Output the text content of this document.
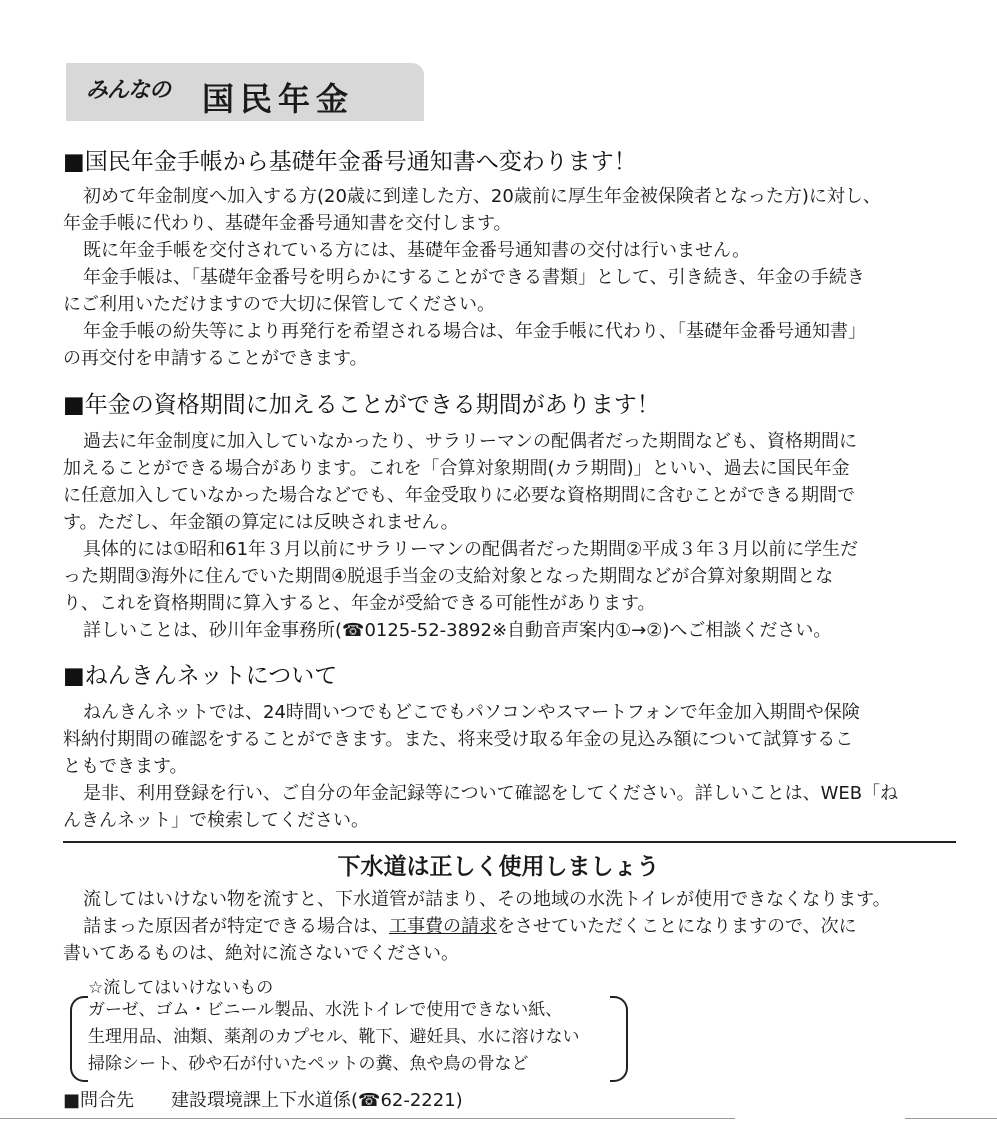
みんなの 国民年金
■国民年金手帳から基礎年金番号通知書へ変わります！
初めて年金制度へ加入する方(20歳に到達した方、20歳前に厚生年金被保険者となった方)に対し、
年金手帳に代わり、基礎年金番号通知書を交付します。
既に年金手帳を交付されている方には、基礎年金番号通知書の交付は行いません。
年金手帳は、「基礎年金番号を明らかにすることができる書類」として、引き続き、年金の手続き
にご利用いただけますので大切に保管してください。
年金手帳の紛失等により再発行を希望される場合は、年金手帳に代わり、「基礎年金番号通知書」
の再交付を申請することができます。
■年金の資格期間に加えることができる期間があります！
過去に年金制度に加入していなかったり、サラリーマンの配偶者だった期間なども、資格期間に
加えることができる場合があります。これを「合算対象期間(カラ期間)」といい、過去に国民年金
に任意加入していなかった場合などでも、年金受取りに必要な資格期間に含むことができる期間で
す。ただし、年金額の算定には反映されません。
具体的には①昭和61年３月以前にサラリーマンの配偶者だった期間②平成３年３月以前に学生だ
った期間③海外に住んでいた期間④脱退手当金の支給対象となった期間などが合算対象期間とな
り、これを資格期間に算入すると、年金が受給できる可能性があります。
詳しいことは、砂川年金事務所(☎0125-52-3892※自動音声案内①→②)へご相談ください。
■ねんきんネットについて
ねんきんネットでは、24時間いつでもどこでもパソコンやスマートフォンで年金加入期間や保険
料納付期間の確認をすることができます。また、将来受け取る年金の見込み額について試算するこ
ともできます。
是非、利用登録を行い、ご自分の年金記録等について確認をしてください。詳しいことは、WEB「ね
んきんネット」で検索してください。
下水道は正しく使用しましょう
流してはいけない物を流すと、下水道管が詰まり、その地域の水洗トイレが使用できなくなります。
詰まった原因者が特定できる場合は、工事費の請求をさせていただくことになりますので、次に
書いてあるものは、絶対に流さないでください。
☆流してはいけないもの
ガーゼ、ゴム・ビニール製品、水洗トイレで使用できない紙、
生理用品、油類、薬剤のカプセル、靴下、避妊具、水に溶けない
掃除シート、砂や石が付いたペットの糞、魚や鳥の骨など
■問合先 建設環境課上下水道係(☎62-2221)
